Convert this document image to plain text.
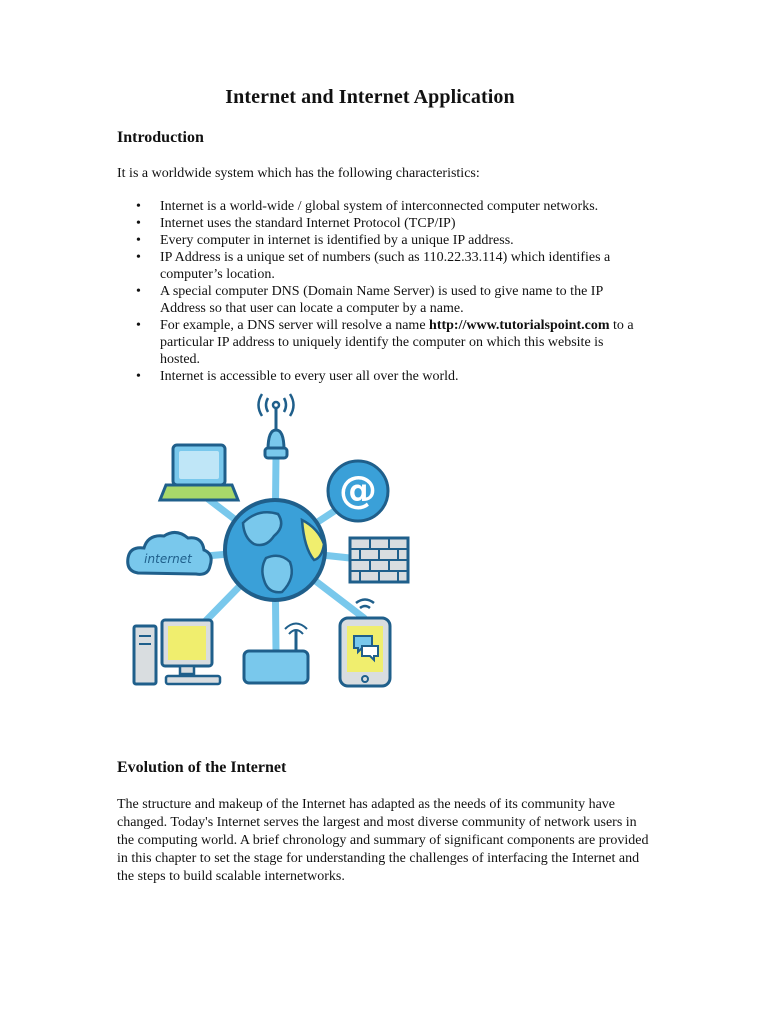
Internet and Internet Application
Introduction

It is a worldwide system which has the following characteristics:

• Internet is a world-wide / global system of interconnected computer networks.
• Internet uses the standard Internet Protocol (TCP/IP)
• Every computer in internet is identified by a unique IP address.
• IP Address is a unique set of numbers (such as 110.22.33.114) which identifies a computer’s location.
• A special computer DNS (Domain Name Server) is used to give name to the IP Address so that user can locate a computer by a name.
• For example, a DNS server will resolve a name http://www.tutorialspoint.com to a particular IP address to uniquely identify the computer on which this website is hosted.
• Internet is accessible to every user all over the world.
@
internet
Evolution of the Internet

The structure and makeup of the Internet has adapted as the needs of its community have changed. Today's Internet serves the largest and most diverse community of network users in the computing world. A brief chronology and summary of significant components are provided in this chapter to set the stage for understanding the challenges of interfacing the Internet and the steps to build scalable internetworks.
